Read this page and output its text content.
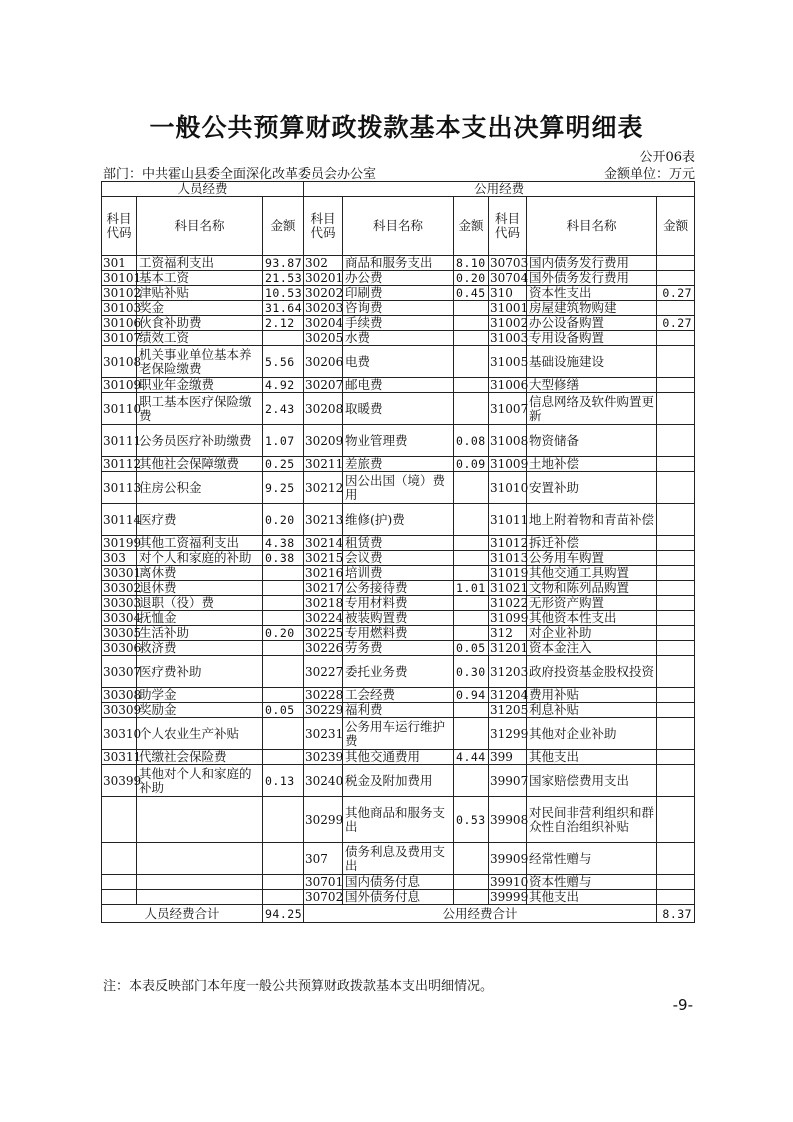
一般公共预算财政拨款基本支出决算明细表
公开06表
部门：中共霍山县委全面深化改革委员会办公室	金额单位：万元
人员经费			公用经费					
科目代码	科目名称	金额	科目代码	科目名称	金额	科目代码	科目名称	金额
301	工资福利支出	93.87	302	商品和服务支出	8.10	30703	国内债务发行费用	
30101	基本工资	21.53	30201	办公费	0.20	30704	国外债务发行费用	
30102	津贴补贴	10.53	30202	印刷费	0.45	310	资本性支出	0.27
30103	奖金	31.64	30203	咨询费		31001	房屋建筑物购建	
30106	伙食补助费	2.12	30204	手续费		31002	办公设备购置	0.27
30107	绩效工资		30205	水费		31003	专用设备购置	
30108	机关事业单位基本养老保险缴费	5.56	30206	电费		31005	基础设施建设	
30109	职业年金缴费	4.92	30207	邮电费		31006	大型修缮	
30110	职工基本医疗保险缴费	2.43	30208	取暖费		31007	信息网络及软件购置更新	
30111	公务员医疗补助缴费	1.07	30209	物业管理费	0.08	31008	物资储备	
30112	其他社会保障缴费	0.25	30211	差旅费	0.09	31009	土地补偿	
30113	住房公积金	9.25	30212	因公出国（境）费用		31010	安置补助	
30114	医疗费	0.20	30213	维修(护)费		31011	地上附着物和青苗补偿	
30199	其他工资福利支出	4.38	30214	租赁费		31012	拆迁补偿	
303	对个人和家庭的补助	0.38	30215	会议费		31013	公务用车购置	
30301	离休费		30216	培训费		31019	其他交通工具购置	
30302	退休费		30217	公务接待费	1.01	31021	文物和陈列品购置	
30303	退职（役）费		30218	专用材料费		31022	无形资产购置	
30304	抚恤金		30224	被装购置费		31099	其他资本性支出	
30305	生活补助	0.20	30225	专用燃料费		312	对企业补助	
30306	救济费		30226	劳务费	0.05	31201	资本金注入	
30307	医疗费补助		30227	委托业务费	0.30	31203	政府投资基金股权投资	
30308	助学金		30228	工会经费	0.94	31204	费用补贴	
30309	奖励金	0.05	30229	福利费		31205	利息补贴	
30310	个人农业生产补贴		30231	公务用车运行维护费		31299	其他对企业补助	
30311	代缴社会保险费		30239	其他交通费用	4.44	399	其他支出	
30399	其他对个人和家庭的补助	0.13	30240	税金及附加费用		39907	国家赔偿费用支出	
			30299	其他商品和服务支出	0.53	39908	对民间非营利组织和群众性自治组织补贴	
			307	债务利息及费用支出		39909	经常性赠与	
			30701	国内债务付息		39910	资本性赠与	
			30702	国外债务付息		39999	其他支出	
人员经费合计		94.25	公用经费合计					8.37
注：本表反映部门本年度一般公共预算财政拨款基本支出明细情况。
-9-
